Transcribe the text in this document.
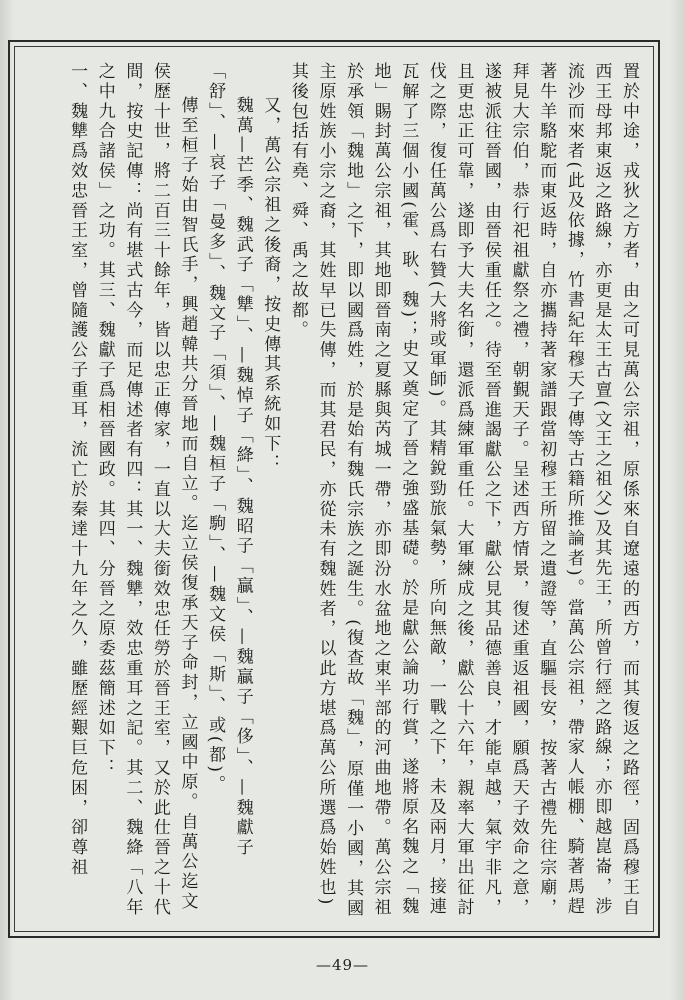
置於中途，戎狄之方者，由之可見萬公宗祖，原係來自遼遠的西方，而其復返之路徑，固爲穆王自西王母邦東返之路線，亦更是太王古亶(文王之祖父)及其先王，所曾行經之路線；亦即越崑崙，涉流沙而來者(此及依據，竹書紀年穆天子傳等古籍所推論者)。當萬公宗祖，帶家人帳棚、騎著馬趕著牛羊駱駝而東返時，自亦攜持著家譜跟當初穆王所留之遺證等，直驅長安，按著古禮先往宗廟，拜見大宗伯，恭行祀祖獻祭之禮，朝覲天子。呈述西方情景，復述重返祖國，願爲天子效命之意，遂被派往晉國，由晉侯重任之。待至晉進謁獻公之下，獻公見其品德善良，才能卓越，氣宇非凡，且更忠正可靠，遂即予大夫名銜，還派爲練軍重任。大軍練成之後，獻公十六年，親率大軍出征討伐之際，復任萬公爲右贊(大將或軍師)。其精銳勁旅氣勢，所向無敵，一戰之下，未及兩月，接連瓦解了三個小國(霍、耿、魏)；史又奠定了晉之強盛基礎。於是獻公論功行賞，遂將原名魏之「魏地」賜封萬公宗祖，其地即晉南之夏縣與芮城一帶，亦即汾水盆地之東半部的河曲地帶。萬公宗祖於承領「魏地」之下，即以國爲姓，於是始有魏氏宗族之誕生。(復查故「魏」，原僅一小國，其國主原姓族小宗之裔，其姓早已失傳，而其君民，亦從未有魏姓者，以此方堪爲萬公所選爲始姓也)其後包括有堯、舜、禹之故都。

又，萬公宗祖之後裔，按史傳其系統如下：

魏萬—芒季、魏武子「犨」、—魏悼子「絳」、魏昭子「贏」、—魏贏子「侈」、—魏獻子「舒」、—哀子「曼多」、魏文子「須」、—魏桓子「駒」、—魏文侯「斯」、或(都)。

傳至桓子始由智氏手，興趙韓共分晉地而自立。迄立侯復承天子命封，立國中原。自萬公迄文侯歷十世，將二百三十餘年，皆以忠正傳家，一直以大夫銜效忠任勞於晉王室，又於此仕晉之十代間，按史記傳：尚有堪式古今，而足傳述者有四：其一、魏犨，效忠重耳之記。其二、魏絳「八年之中九合諸侯」之功。其三、魏獻子爲相晉國政。其四、分晉之原委茲簡述如下：

一、魏犨爲效忠晉王室，曾隨護公子重耳，流亡於秦達十九年之久，雖歷經艱巨危困，卻尊祖

—49—
